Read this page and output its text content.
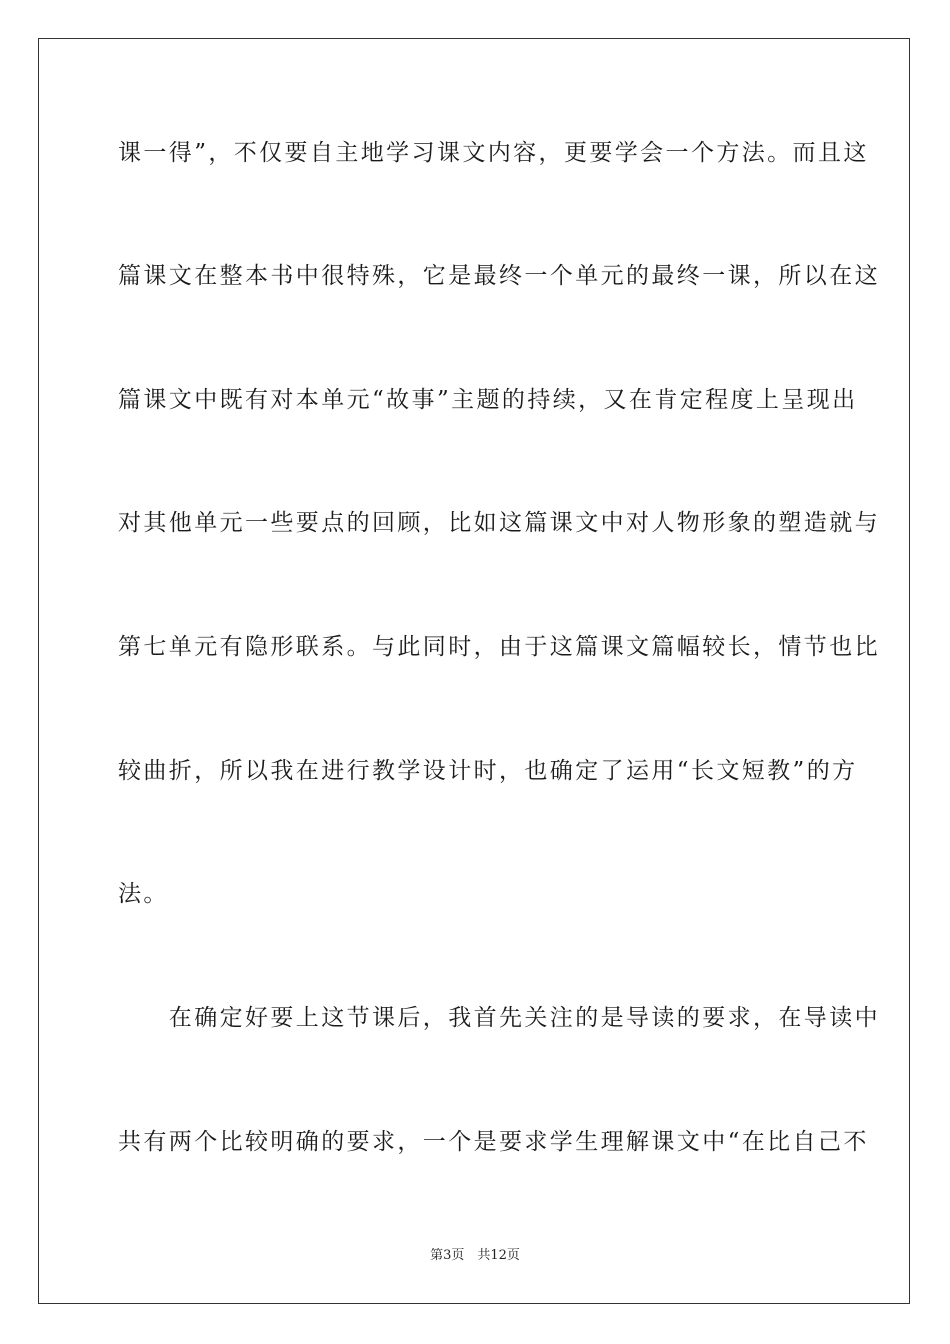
课一得”，不仅要自主地学习课文内容，更要学会一个方法。而且这
篇课文在整本书中很特殊，它是最终一个单元的最终一课，所以在这
篇课文中既有对本单元“故事”主题的持续，又在肯定程度上呈现出
对其他单元一些要点的回顾，比如这篇课文中对人物形象的塑造就与
第七单元有隐形联系。与此同时，由于这篇课文篇幅较长，情节也比
较曲折，所以我在进行教学设计时，也确定了运用“长文短教”的方
法。
　　在确定好要上这节课后，我首先关注的是导读的要求，在导读中
共有两个比较明确的要求，一个是要求学生理解课文中“在比自己不
第3页　共12页
